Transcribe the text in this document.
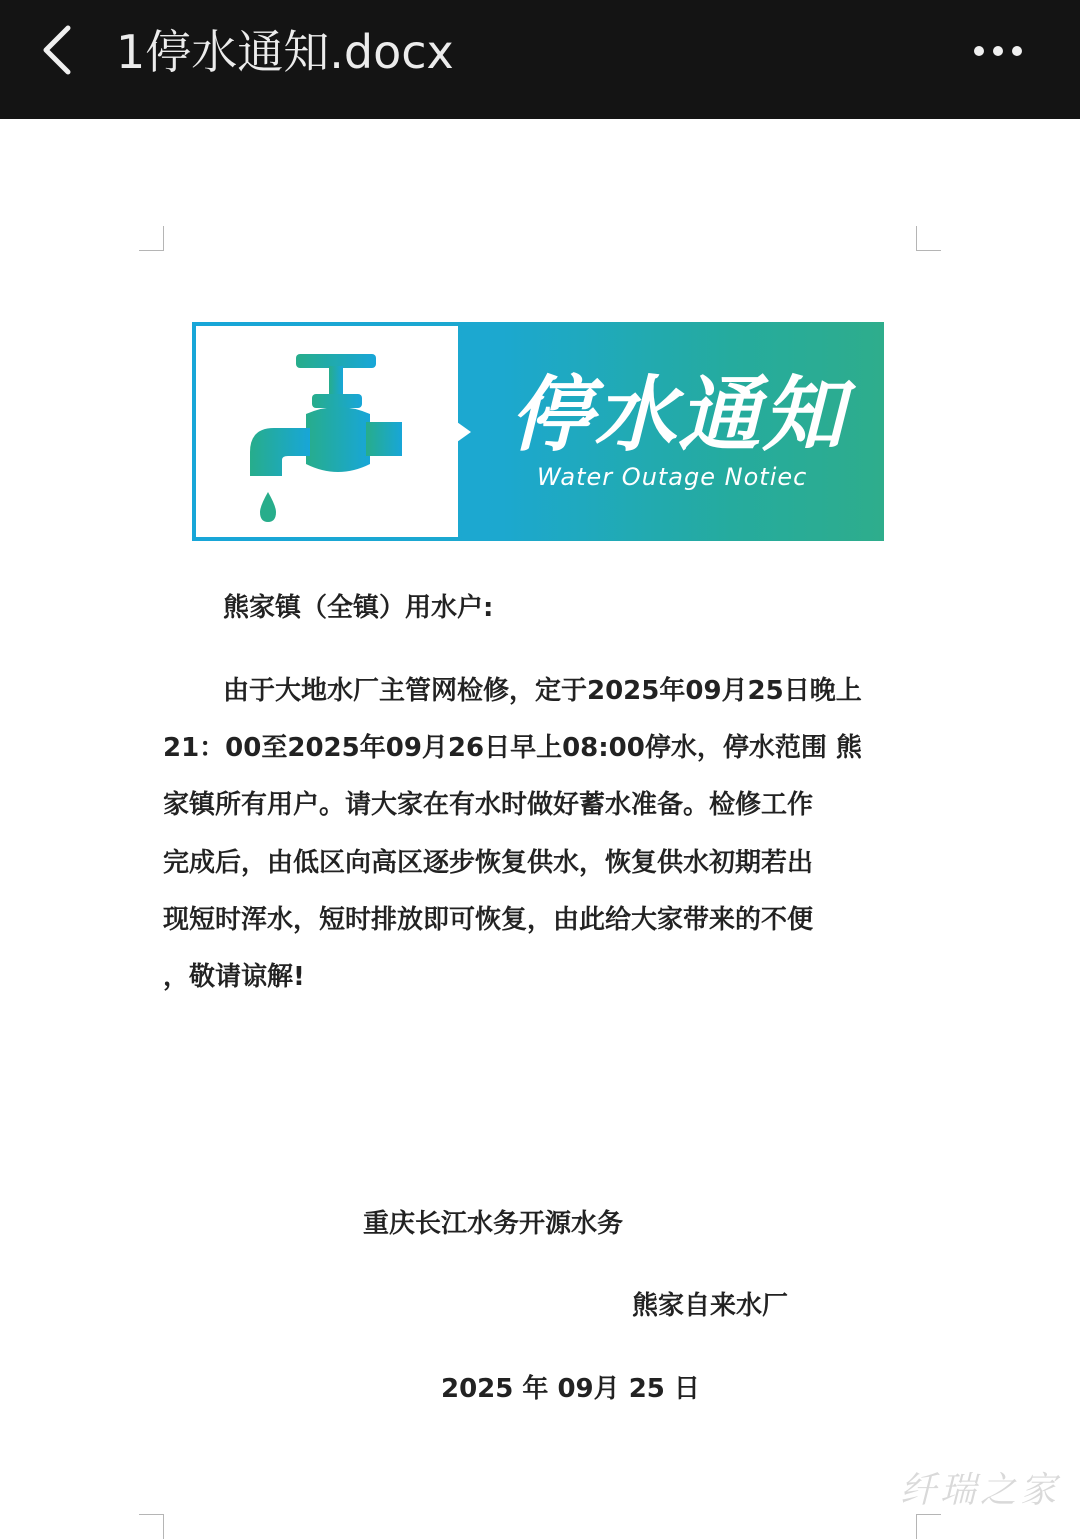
1停水通知.docx
停水通知
Water Outage Notiec
熊家镇（全镇）用水户:
由于大地水厂主管网检修，定于2025年09月25日晚上
21：00至2025年09月26日早上08:00停水，停水范围 熊
家镇所有用户。请大家在有水时做好蓄水准备。检修工作
完成后，由低区向高区逐步恢复供水，恢复供水初期若出
现短时浑水，短时排放即可恢复，由此给大家带来的不便
，敬请谅解!
重庆长江水务开源水务
熊家自来水厂
2025 年 09月 25 日
纤瑞之家
